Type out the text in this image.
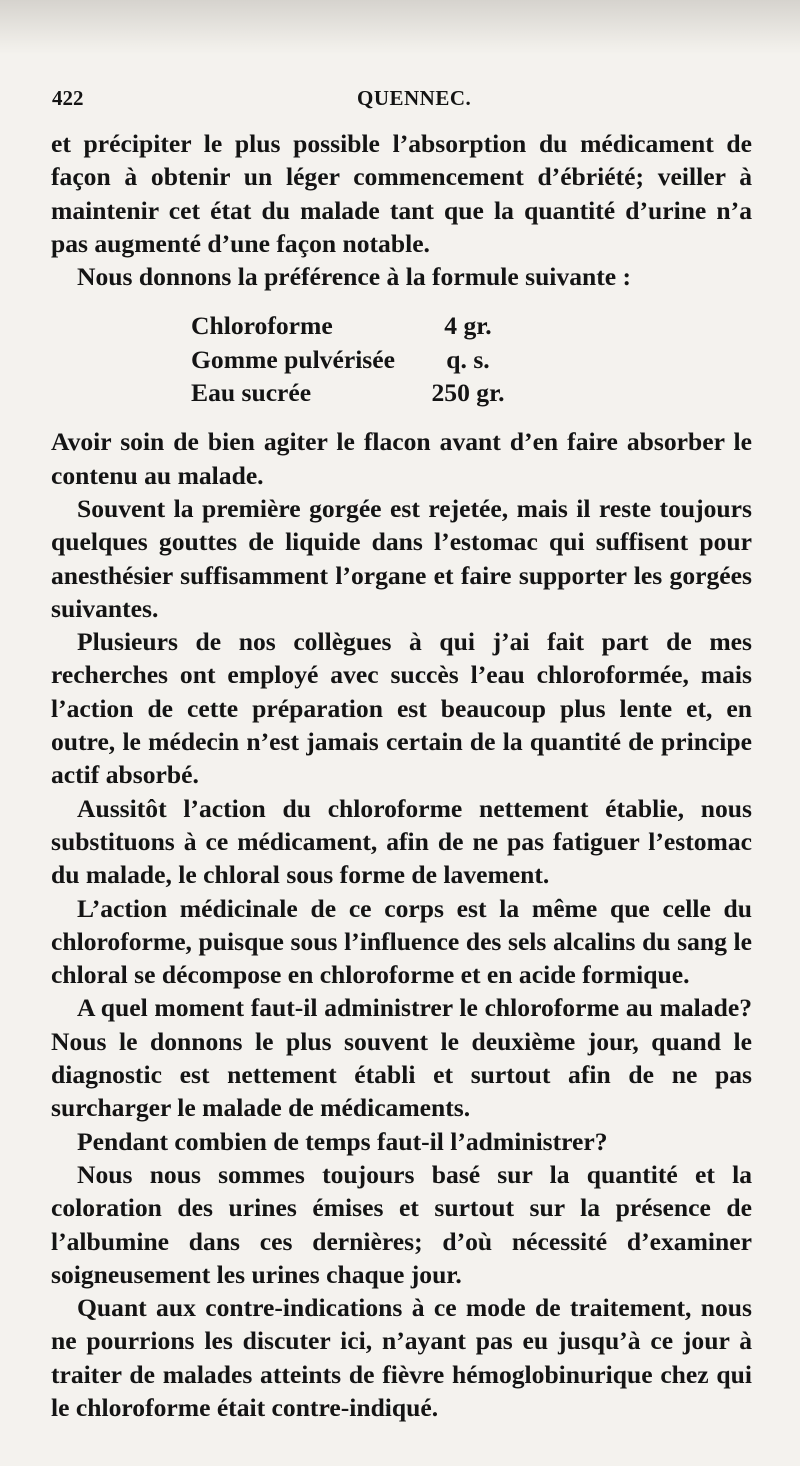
422	QUENNEC.

et précipiter le plus possible l’absorption du médicament de façon à obtenir un léger commencement d’ébriété; veiller à maintenir cet état du malade tant que la quantité d’urine n’a pas augmenté d’une façon notable.

Nous donnons la préférence à la formule suivante :

Chloroforme	4 gr.
Gomme pulvérisée q. s.
Eau sucrée	250 gr.

Avoir soin de bien agiter le flacon avant d’en faire absorber le contenu au malade.

Souvent la première gorgée est rejetée, mais il reste toujours quelques gouttes de liquide dans l’estomac qui suffisent pour anesthésier suffisamment l’organe et faire supporter les gorgées suivantes.

Plusieurs de nos collègues à qui j’ai fait part de mes recherches ont employé avec succès l’eau chloroformée, mais l’action de cette préparation est beaucoup plus lente et, en outre, le médecin n’est jamais certain de la quantité de principe actif absorbé.

Aussitôt l’action du chloroforme nettement établie, nous substituons à ce médicament, afin de ne pas fatiguer l’estomac du malade, le chloral sous forme de lavement.

L’action médicinale de ce corps est la même que celle du chloroforme, puisque sous l’influence des sels alcalins du sang le chloral se décompose en chloroforme et en acide formique.

A quel moment faut-il administrer le chloroforme au malade? Nous le donnons le plus souvent le deuxième jour, quand le diagnostic est nettement établi et surtout afin de ne pas surcharger le malade de médicaments.

Pendant combien de temps faut-il l’administrer?

Nous nous sommes toujours basé sur la quantité et la coloration des urines émises et surtout sur la présence de l’albumine dans ces dernières; d’où nécessité d’examiner soigneusement les urines chaque jour.

Quant aux contre-indications à ce mode de traitement, nous ne pourrions les discuter ici, n’ayant pas eu jusqu’à ce jour à traiter de malades atteints de fièvre hémoglobinurique chez qui le chloroforme était contre-indiqué.
